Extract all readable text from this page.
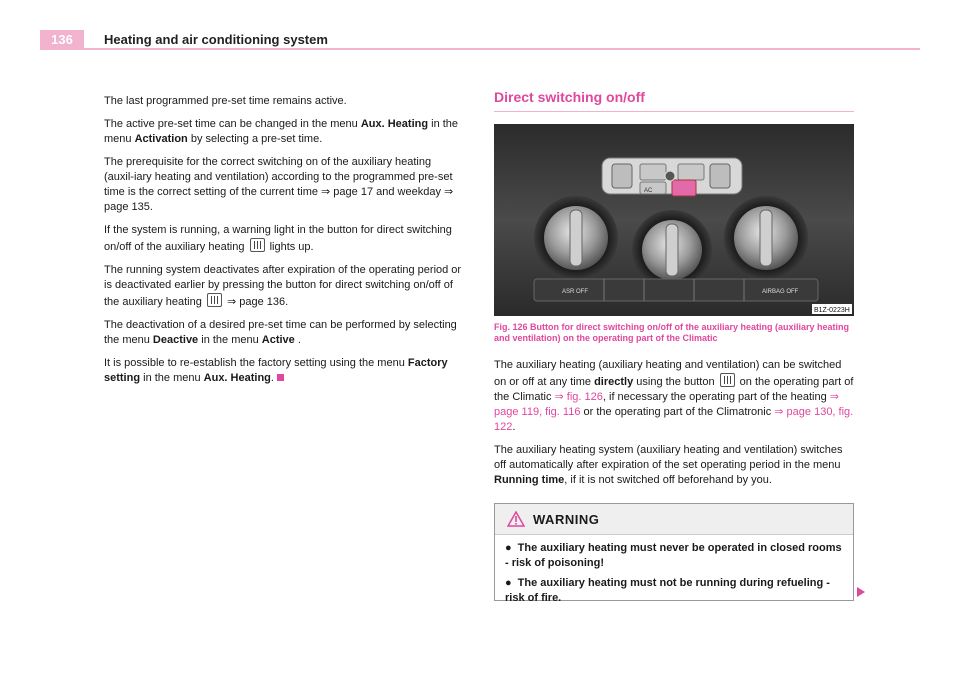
136	Heating and air conditioning system

The last programmed pre-set time remains active.

The active pre-set time can be changed in the menu Aux. Heating in the menu Activation by selecting a pre-set time.

The prerequisite for the correct switching on of the auxiliary heating (auxil-iary heating and ventilation) according to the programmed pre-set time is the correct setting of the current time ⇒ page 17 and weekday ⇒ page 135.

If the system is running, a warning light in the button for direct switching on/off of the auxiliary heating  lights up.

The running system deactivates after expiration of the operating period or is deactivated earlier by pressing the button for direct switching on/off of the auxiliary heating  ⇒ page 136.

The deactivation of a desired pre-set time can be performed by selecting the menu Deactive in the menu Active .

It is possible to re-establish the factory setting using the menu Factory setting in the menu Aux. Heating.

Direct switching on/off
AC
ASR OFF	AIRBAG OFF
B1Z-0223H
Fig. 126 Button for direct switching on/off of the auxiliary heating (auxiliary heating and ventilation) on the operating part of the Climatic

The auxiliary heating (auxiliary heating and ventilation) can be switched on or off at any time directly using the button  on the operating part of the Climatic ⇒ fig. 126, if necessary the operating part of the heating ⇒ page 119, fig. 116 or the operating part of the Climatronic ⇒ page 130, fig. 122.

The auxiliary heating system (auxiliary heating and ventilation) switches off automatically after expiration of the set operating period in the menu Running time, if it is not switched off beforehand by you.

WARNING

● The auxiliary heating must never be operated in closed rooms - risk of poisoning!

● The auxiliary heating must not be running during refueling - risk of fire.
